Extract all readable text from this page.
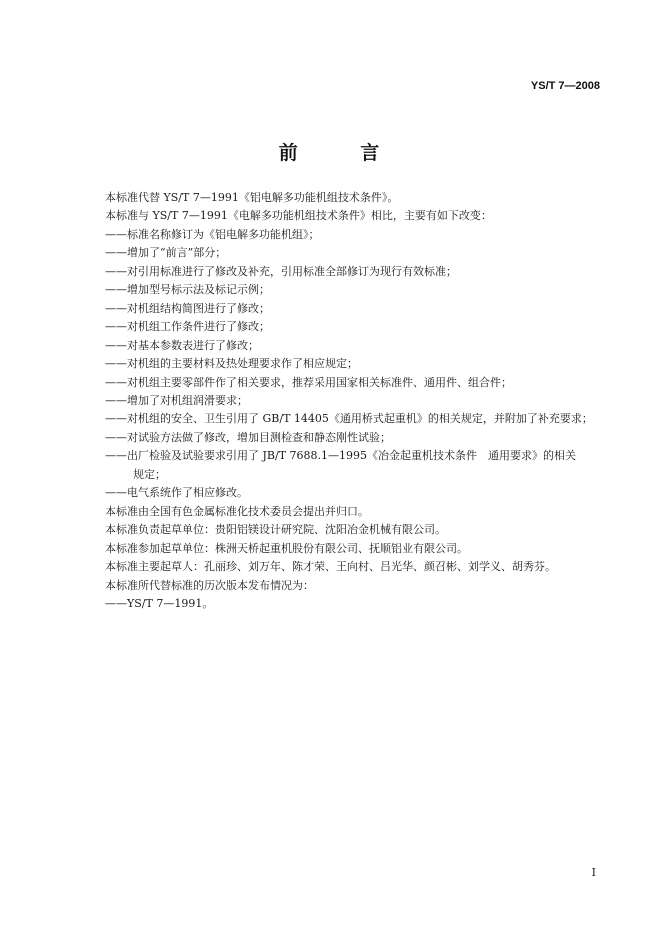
YS/T 7—2008
前 言
本标准代替 YS/T 7—1991《铝电解多功能机组技术条件》。
本标准与 YS/T 7—1991《电解多功能机组技术条件》相比，主要有如下改变：
——标准名称修订为《铝电解多功能机组》；
——增加了“前言”部分；
——对引用标准进行了修改及补充，引用标准全部修订为现行有效标准；
——增加型号标示法及标记示例；
——对机组结构简图进行了修改；
——对机组工作条件进行了修改；
——对基本参数表进行了修改；
——对机组的主要材料及热处理要求作了相应规定；
——对机组主要零部件作了相关要求，推荐采用国家相关标准件、通用件、组合件；
——增加了对机组润滑要求；
——对机组的安全、卫生引用了 GB/T 14405《通用桥式起重机》的相关规定，并附加了补充要求；
——对试验方法做了修改，增加目测检查和静态刚性试验；
——出厂检验及试验要求引用了 JB/T 7688.1—1995《冶金起重机技术条件　通用要求》的相关
规定；
——电气系统作了相应修改。
本标准由全国有色金属标准化技术委员会提出并归口。
本标准负责起草单位：贵阳铝镁设计研究院、沈阳冶金机械有限公司。
本标准参加起草单位：株洲天桥起重机股份有限公司、抚顺铝业有限公司。
本标准主要起草人：孔丽珍、刘万年、陈才荣、王向村、吕光华、颜召彬、刘学义、胡秀芬。
本标准所代替标准的历次版本发布情况为：
——YS/T 7—1991。
I
